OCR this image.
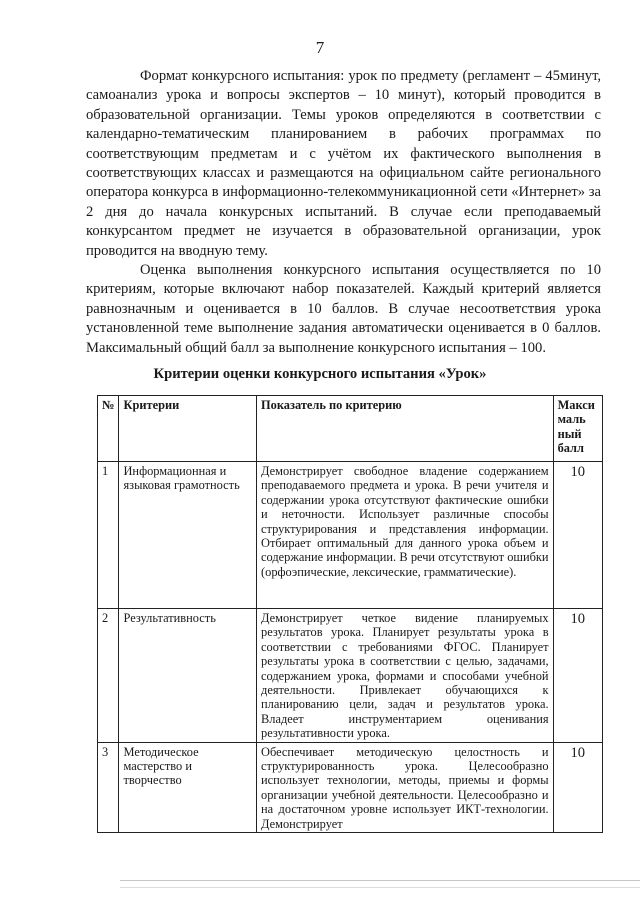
7

Формат конкурсного испытания: урок по предмету (регламент – 45минут, самоанализ урока и вопросы экспертов – 10 минут), который проводится в образовательной организации. Темы уроков определяются в соответствии с календарно-тематическим планированием в рабочих программах по соответствующим предметам и с учётом их фактического выполнения в соответствующих классах и размещаются на официальном сайте регионального оператора конкурса в информационно-телекоммуникационной сети «Интернет» за 2 дня до начала конкурсных испытаний. В случае если преподаваемый конкурсантом предмет не изучается в образовательной организации, урок проводится на вводную тему.

Оценка выполнения конкурсного испытания осуществляется по 10 критериям, которые включают набор показателей. Каждый критерий является равнозначным и оценивается в 10 баллов. В случае несоответствия урока установленной теме выполнение задания автоматически оценивается в 0 баллов. Максимальный общий балл за выполнение конкурсного испытания – 100.

Критерии оценки конкурсного испытания «Урок»
№	Критерии	Показатель по критерию	Макси маль ный балл
1	Информационная и языковая грамотность	Демонстрирует свободное владение содержанием преподаваемого предмета и урока. В речи учителя и содержании урока отсутствуют фактические ошибки и неточности. Использует различные способы структурирования и представления информации. Отбирает оптимальный для данного урока объем и содержание информации. В речи отсутствуют ошибки (орфоэпические, лексические, грамматические).	10
2	Результативность	Демонстрирует четкое видение планируемых результатов урока. Планирует результаты урока в соответствии с требованиями ФГОС. Планирует результаты урока в соответствии с целью, задачами, содержанием урока, формами и способами учебной деятельности. Привлекает обучающихся к планированию цели, задач и результатов урока. Владеет инструментарием оценивания результативности урока.	10
3	Методическое мастерство и творчество	Обеспечивает методическую целостность и структурированность урока. Целесообразно использует технологии, методы, приемы и формы организации учебной деятельности. Целесообразно и на достаточном уровне использует ИКТ-технологии. Демонстрирует	10
